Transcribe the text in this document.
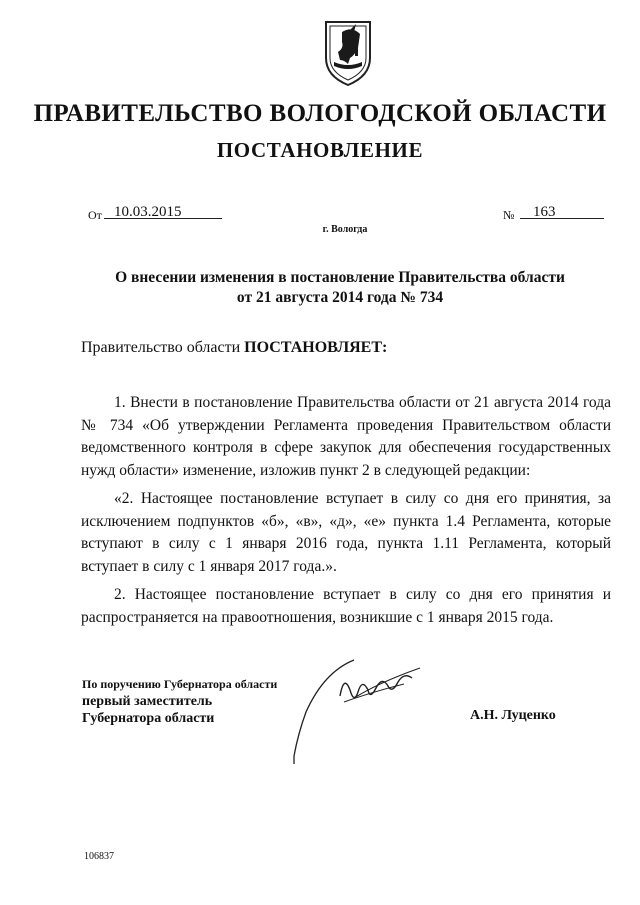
ПРАВИТЕЛЬСТВО ВОЛОГОДСКОЙ ОБЛАСТИ
ПОСТАНОВЛЕНИЕ
От 10.03.2015	№ 163
г. Вологда
О внесении изменения в постановление Правительства области
от 21 августа 2014 года № 734
Правительство области ПОСТАНОВЛЯЕТ:

1. Внести в постановление Правительства области от 21 августа 2014 года № 734 «Об утверждении Регламента проведения Правительством области ведомственного контроля в сфере закупок для обеспечения государственных нужд области» изменение, изложив пункт 2 в следующей редакции:

«2. Настоящее постановление вступает в силу со дня его принятия, за исключением подпунктов «б», «в», «д», «е» пункта 1.4 Регламента, которые вступают в силу с 1 января 2016 года, пункта 1.11 Регламента, который вступает в силу с 1 января 2017 года.».

2. Настоящее постановление вступает в силу со дня его принятия и распространяется на правоотношения, возникшие с 1 января 2015 года.

По поручению Губернатора области
первый заместитель
Губернатора области	А.Н. Луценко
106837
